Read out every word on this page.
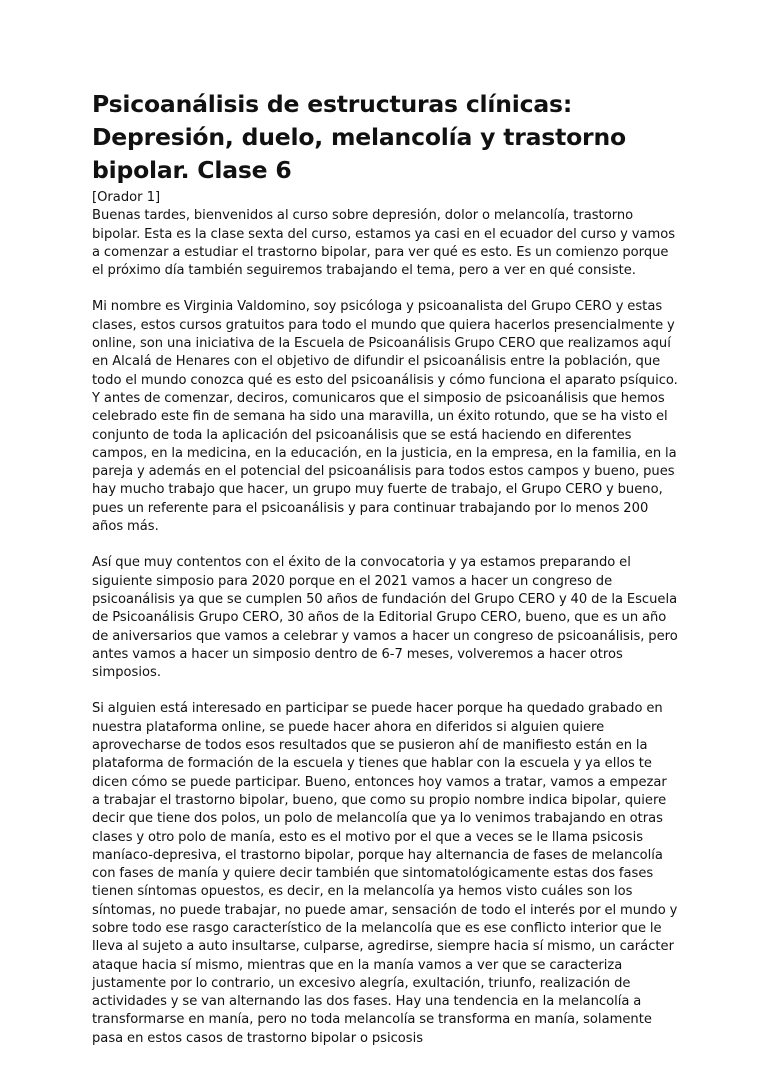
Psicoanálisis de estructuras clínicas: Depresión, duelo, melancolía y trastorno bipolar. Clase 6

[Orador 1]

Buenas tardes, bienvenidos al curso sobre depresión, dolor o melancolía, trastorno bipolar. Esta es la clase sexta del curso, estamos ya casi en el ecuador del curso y vamos a comenzar a estudiar el trastorno bipolar, para ver qué es esto. Es un comienzo porque el próximo día también seguiremos trabajando el tema, pero a ver en qué consiste.

Mi nombre es Virginia Valdomino, soy psicóloga y psicoanalista del Grupo CERO y estas clases, estos cursos gratuitos para todo el mundo que quiera hacerlos presencialmente y online, son una iniciativa de la Escuela de Psicoanálisis Grupo CERO que realizamos aquí en Alcalá de Henares con el objetivo de difundir el psicoanálisis entre la población, que todo el mundo conozca qué es esto del psicoanálisis y cómo funciona el aparato psíquico. Y antes de comenzar, deciros, comunicaros que el simposio de psicoanálisis que hemos celebrado este fin de semana ha sido una maravilla, un éxito rotundo, que se ha visto el conjunto de toda la aplicación del psicoanálisis que se está haciendo en diferentes campos, en la medicina, en la educación, en la justicia, en la empresa, en la familia, en la pareja y además en el potencial del psicoanálisis para todos estos campos y bueno, pues hay mucho trabajo que hacer, un grupo muy fuerte de trabajo, el Grupo CERO y bueno, pues un referente para el psicoanálisis y para continuar trabajando por lo menos 200 años más.

Así que muy contentos con el éxito de la convocatoria y ya estamos preparando el siguiente simposio para 2020 porque en el 2021 vamos a hacer un congreso de psicoanálisis ya que se cumplen 50 años de fundación del Grupo CERO y 40 de la Escuela de Psicoanálisis Grupo CERO, 30 años de la Editorial Grupo CERO, bueno, que es un año de aniversarios que vamos a celebrar y vamos a hacer un congreso de psicoanálisis, pero antes vamos a hacer un simposio dentro de 6-7 meses, volveremos a hacer otros simposios.

Si alguien está interesado en participar se puede hacer porque ha quedado grabado en nuestra plataforma online, se puede hacer ahora en diferidos si alguien quiere aprovecharse de todos esos resultados que se pusieron ahí de manifiesto están en la plataforma de formación de la escuela y tienes que hablar con la escuela y ya ellos te dicen cómo se puede participar. Bueno, entonces hoy vamos a tratar, vamos a empezar a trabajar el trastorno bipolar, bueno, que como su propio nombre indica bipolar, quiere decir que tiene dos polos, un polo de melancolía que ya lo venimos trabajando en otras clases y otro polo de manía, esto es el motivo por el que a veces se le llama psicosis maníaco-depresiva, el trastorno bipolar, porque hay alternancia de fases de melancolía con fases de manía y quiere decir también que sintomatológicamente estas dos fases tienen síntomas opuestos, es decir, en la melancolía ya hemos visto cuáles son los síntomas, no puede trabajar, no puede amar, sensación de todo el interés por el mundo y sobre todo ese rasgo característico de la melancolía que es ese conflicto interior que le lleva al sujeto a auto insultarse, culparse, agredirse, siempre hacia sí mismo, un carácter ataque hacia sí mismo, mientras que en la manía vamos a ver que se caracteriza justamente por lo contrario, un excesivo alegría, exultación, triunfo, realización de actividades y se van alternando las dos fases. Hay una tendencia en la melancolía a transformarse en manía, pero no toda melancolía se transforma en manía, solamente pasa en estos casos de trastorno bipolar o psicosis
